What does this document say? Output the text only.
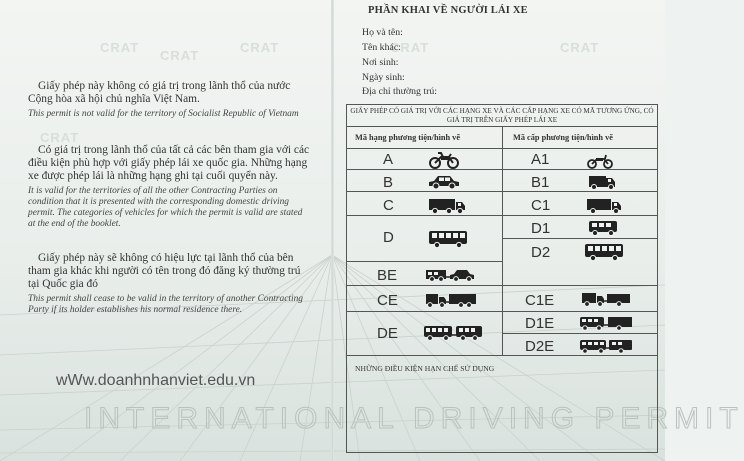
CRAT
CRAT
CRAT
CRAT
CRAT	CRAT
Giấy phép này không có giá trị trong lãnh thổ của nước Cộng hòa xã hội chủ nghĩa Việt Nam.
This permit is not valid for the territory of Socialist Republic of Vietnam
Có giá trị trong lãnh thổ của tất cả các bên tham gia với các điều kiện phù hợp với giấy phép lái xe quốc gia. Những hạng xe được phép lái là những hạng ghi tại cuối quyển này.
It is valid for the territories of all the other Contracting Parties on condition that it is presented with the corresponding domestic driving permit. The categories of vehicles for which the permit is valid are stated at the end of the booklet.
Giấy phép này sẽ không có hiệu lực tại lãnh thổ của bên tham gia khác khi người có tên trong đó đăng ký thường trú tại Quốc gia đó
This permit shall cease to be valid in the territory of another Contracting Party if its holder establishes his normal residence there.
wWw.doanhnhanviet.edu.vn
INTERNATIONAL DRIVING PERMIT
PHẦN KHAI VỀ NGƯỜI LÁI XE
Họ và tên:
Tên khác:
Nơi sinh:
Ngày sinh:
Địa chỉ thường trú:
GIẤY PHÉP CÓ GIÁ TRỊ VỚI CÁC HẠNG XE VÀ CÁC CẤP HẠNG XE CÓ MÃ TƯƠNG ỨNG, CÓ GIÁ TRỊ TRÊN GIẤY PHÉP LÁI XE
Mã hạng phương tiện/hình vẽ	Mã cấp phương tiện/hình vẽ
A
B
C
D
BE
CE
DE
A1
B1
C1
D1
D2
C1E
D1E
D2E
NHỮNG ĐIỀU KIỆN HẠN CHẾ SỬ DỤNG
